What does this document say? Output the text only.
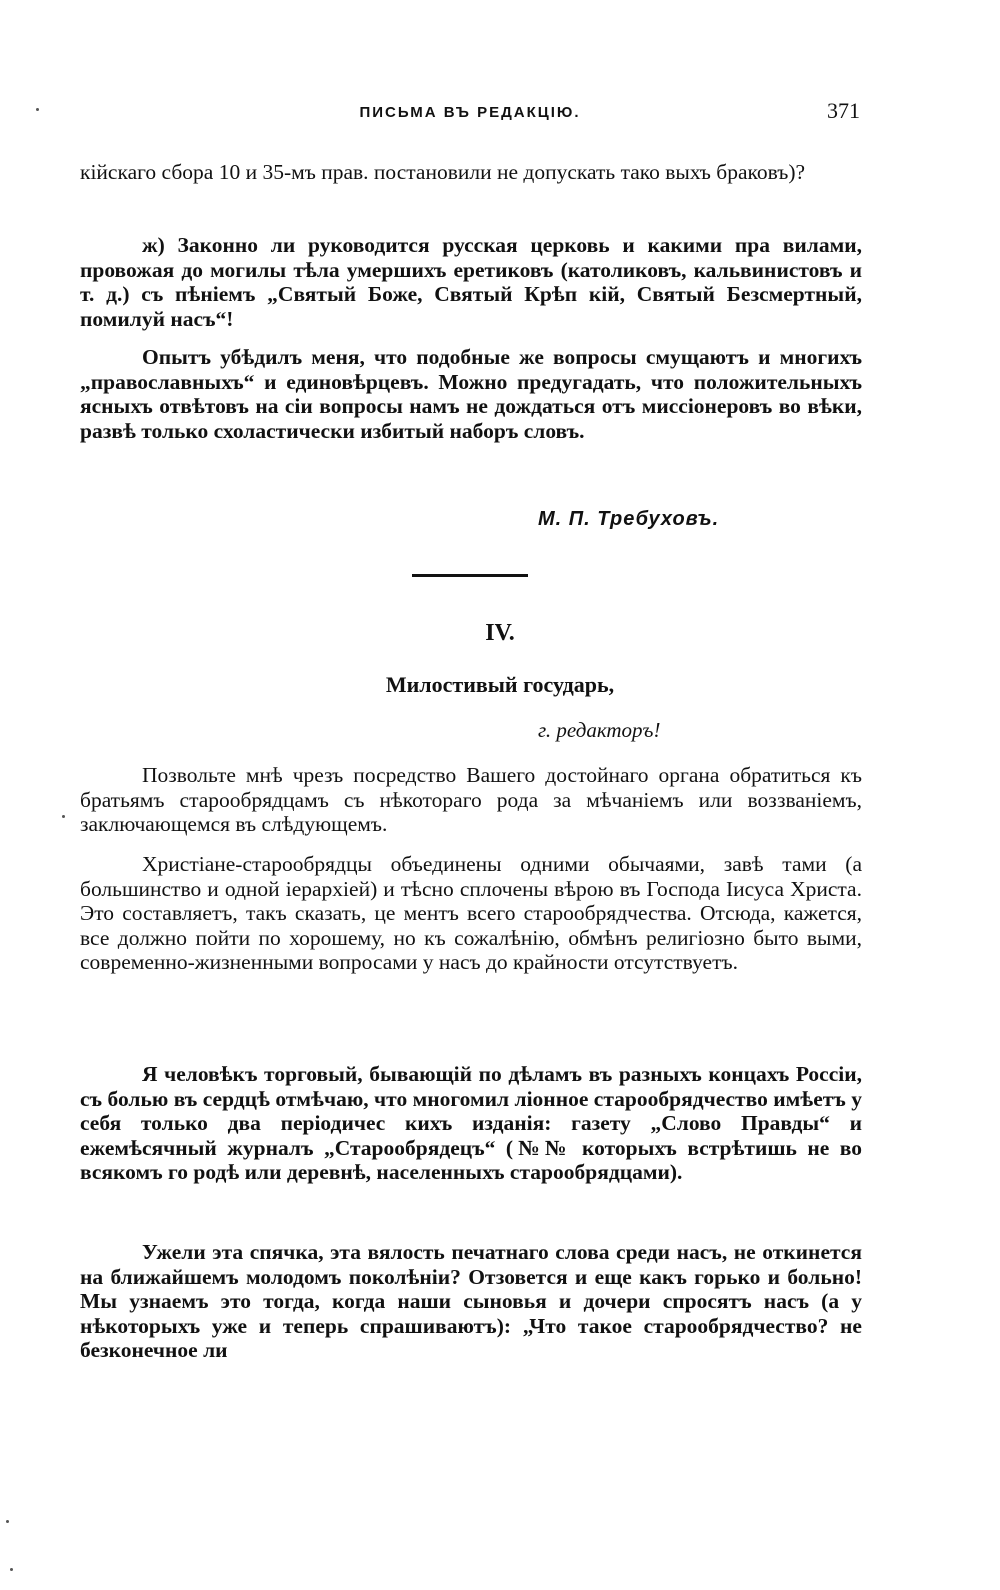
ПИСЬМА ВЪ РЕДАКЦІЮ.	371

кійскаго сбора 10 и 35-мъ прав. постановили не допускать тако выхъ браковъ)?

ж) Законно ли руководится русская церковь и какими пра вилами, провожая до могилы тѣла умершихъ еретиковъ (католиковъ, кальвинистовъ и т. д.) съ пѣніемъ „Святый Боже, Святый Крѣп кій, Святый Безсмертный, помилуй насъ“!

Опытъ убѣдилъ меня, что подобные же вопросы смущаютъ и многихъ „православныхъ“ и единовѣрцевъ. Можно предугадать, что положительныхъ ясныхъ отвѣтовъ на сіи вопросы намъ не дождаться отъ миссіонеровъ во вѣки, развѣ только схоластически избитый наборъ словъ.

М. П. Требуховъ.
IV.
Милостивый государь,
г. редакторъ!

Позвольте мнѣ чрезъ посредство Вашего достойнаго органа обратиться къ братьямъ старообрядцамъ съ нѣкотораго рода за мѣчаніемъ или воззваніемъ, заключающемся въ слѣдующемъ.

Христіане-старообрядцы объединены одними обычаями, завѣ тами (а большинство и одной іерархіей) и тѣсно сплочены вѣрою въ Господа Іисуса Христа. Это составляетъ, такъ сказать, це ментъ всего старообрядчества. Отсюда, кажется, все должно пойти по хорошему, но къ сожалѣнію, обмѣнъ религіозно быто выми, современно-жизненными вопросами у насъ до крайности отсутствуетъ.

Я человѣкъ торговый, бывающій по дѣламъ въ разныхъ концахъ Россіи, съ болью въ сердцѣ отмѣчаю, что многомил ліонное старообрядчество имѣетъ у себя только два періодичес кихъ изданія: газету „Слово Правды“ и ежемѣсячный журналъ „Старообрядецъ“ (№№ которыхъ встрѣтишь не во всякомъ го родѣ или деревнѣ, населенныхъ старообрядцами).

Ужели эта спячка, эта вялость печатнаго слова среди насъ, не откинется на ближайшемъ молодомъ поколѣніи? Отзовется и еще какъ горько и больно! Мы узнаемъ это тогда, когда наши сыновья и дочери спросятъ насъ (а у нѣкоторыхъ уже и теперь спрашиваютъ): „Что такое старообрядчество? не безконечное ли
